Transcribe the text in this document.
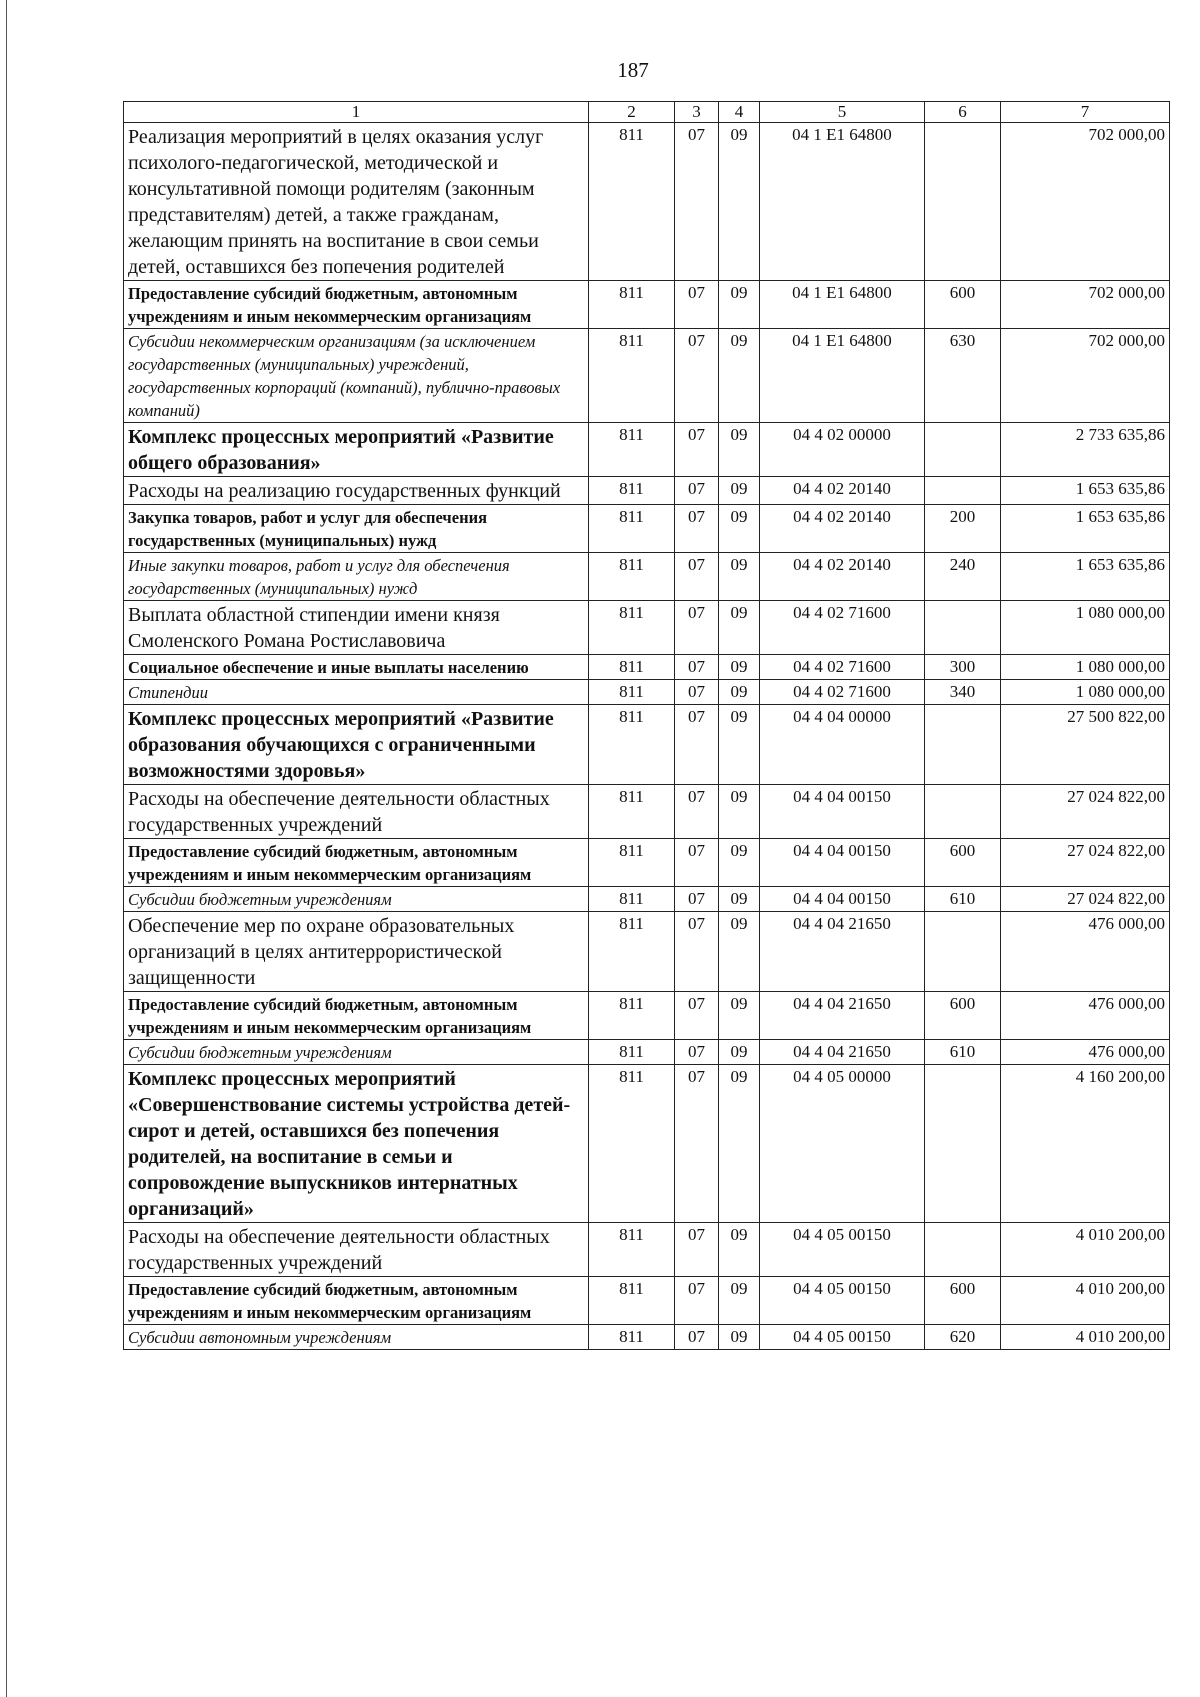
187
1	2	3	4	5	6	7
Реализация мероприятий в целях оказания услуг психолого-педагогической, методической и консультативной помощи родителям (законным представителям) детей, а также гражданам, желающим принять на воспитание в свои семьи детей, оставшихся без попечения родителей	811	07	09	04 1 Е1 64800		702 000,00
Предоставление субсидий бюджетным, автономным учреждениям и иным некоммерческим организациям	811	07	09	04 1 Е1 64800	600	702 000,00
Субсидии некоммерческим организациям (за исключением государственных (муниципальных) учреждений, государственных корпораций (компаний), публично-правовых компаний)	811	07	09	04 1 Е1 64800	630	702 000,00
Комплекс процессных мероприятий «Развитие общего образования»	811	07	09	04 4 02 00000		2 733 635,86
Расходы на реализацию государственных функций	811	07	09	04 4 02 20140		1 653 635,86
Закупка товаров, работ и услуг для обеспечения государственных (муниципальных) нужд	811	07	09	04 4 02 20140	200	1 653 635,86
Иные закупки товаров, работ и услуг для обеспечения государственных (муниципальных) нужд	811	07	09	04 4 02 20140	240	1 653 635,86
Выплата областной стипендии имени князя Смоленского Романа Ростиславовича	811	07	09	04 4 02 71600		1 080 000,00
Социальное обеспечение и иные выплаты населению	811	07	09	04 4 02 71600	300	1 080 000,00
Стипендии	811	07	09	04 4 02 71600	340	1 080 000,00
Комплекс процессных мероприятий «Развитие образования обучающихся с ограниченными возможностями здоровья»	811	07	09	04 4 04 00000		27 500 822,00
Расходы на обеспечение деятельности областных государственных учреждений	811	07	09	04 4 04 00150		27 024 822,00
Предоставление субсидий бюджетным, автономным учреждениям и иным некоммерческим организациям	811	07	09	04 4 04 00150	600	27 024 822,00
Субсидии бюджетным учреждениям	811	07	09	04 4 04 00150	610	27 024 822,00
Обеспечение мер по охране образовательных организаций в целях антитеррористической защищенности	811	07	09	04 4 04 21650		476 000,00
Предоставление субсидий бюджетным, автономным учреждениям и иным некоммерческим организациям	811	07	09	04 4 04 21650	600	476 000,00
Субсидии бюджетным учреждениям	811	07	09	04 4 04 21650	610	476 000,00
Комплекс процессных мероприятий «Совершенствование системы устройства детей-сирот и детей, оставшихся без попечения родителей, на воспитание в семьи и сопровождение выпускников интернатных организаций»	811	07	09	04 4 05 00000		4 160 200,00
Расходы на обеспечение деятельности областных государственных учреждений	811	07	09	04 4 05 00150		4 010 200,00
Предоставление субсидий бюджетным, автономным учреждениям и иным некоммерческим организациям	811	07	09	04 4 05 00150	600	4 010 200,00
Субсидии автономным учреждениям	811	07	09	04 4 05 00150	620	4 010 200,00
